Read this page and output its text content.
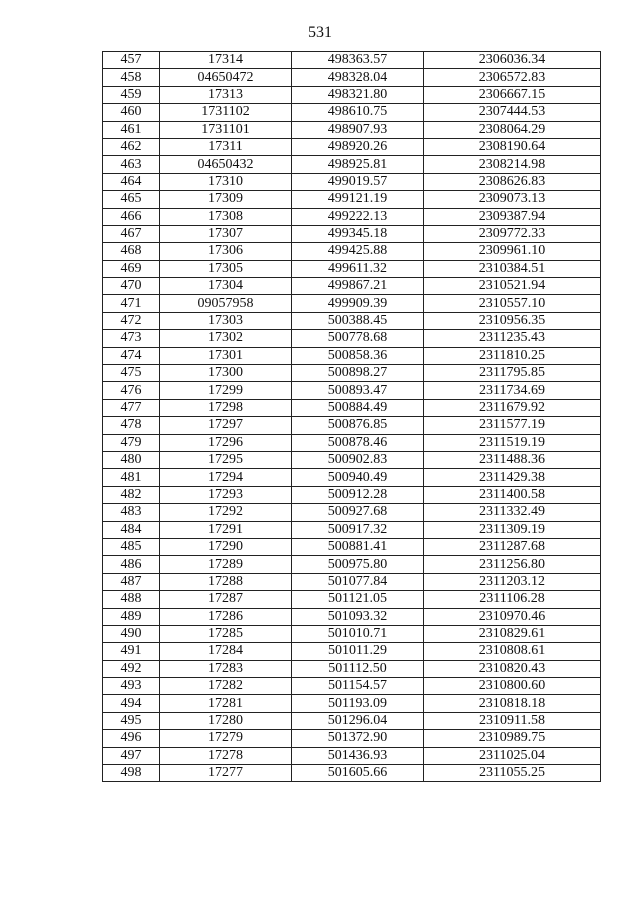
531
457	17314	498363.57	2306036.34
458	04650472	498328.04	2306572.83
459	17313	498321.80	2306667.15
460	1731102	498610.75	2307444.53
461	1731101	498907.93	2308064.29
462	17311	498920.26	2308190.64
463	04650432	498925.81	2308214.98
464	17310	499019.57	2308626.83
465	17309	499121.19	2309073.13
466	17308	499222.13	2309387.94
467	17307	499345.18	2309772.33
468	17306	499425.88	2309961.10
469	17305	499611.32	2310384.51
470	17304	499867.21	2310521.94
471	09057958	499909.39	2310557.10
472	17303	500388.45	2310956.35
473	17302	500778.68	2311235.43
474	17301	500858.36	2311810.25
475	17300	500898.27	2311795.85
476	17299	500893.47	2311734.69
477	17298	500884.49	2311679.92
478	17297	500876.85	2311577.19
479	17296	500878.46	2311519.19
480	17295	500902.83	2311488.36
481	17294	500940.49	2311429.38
482	17293	500912.28	2311400.58
483	17292	500927.68	2311332.49
484	17291	500917.32	2311309.19
485	17290	500881.41	2311287.68
486	17289	500975.80	2311256.80
487	17288	501077.84	2311203.12
488	17287	501121.05	2311106.28
489	17286	501093.32	2310970.46
490	17285	501010.71	2310829.61
491	17284	501011.29	2310808.61
492	17283	501112.50	2310820.43
493	17282	501154.57	2310800.60
494	17281	501193.09	2310818.18
495	17280	501296.04	2310911.58
496	17279	501372.90	2310989.75
497	17278	501436.93	2311025.04
498	17277	501605.66	2311055.25
